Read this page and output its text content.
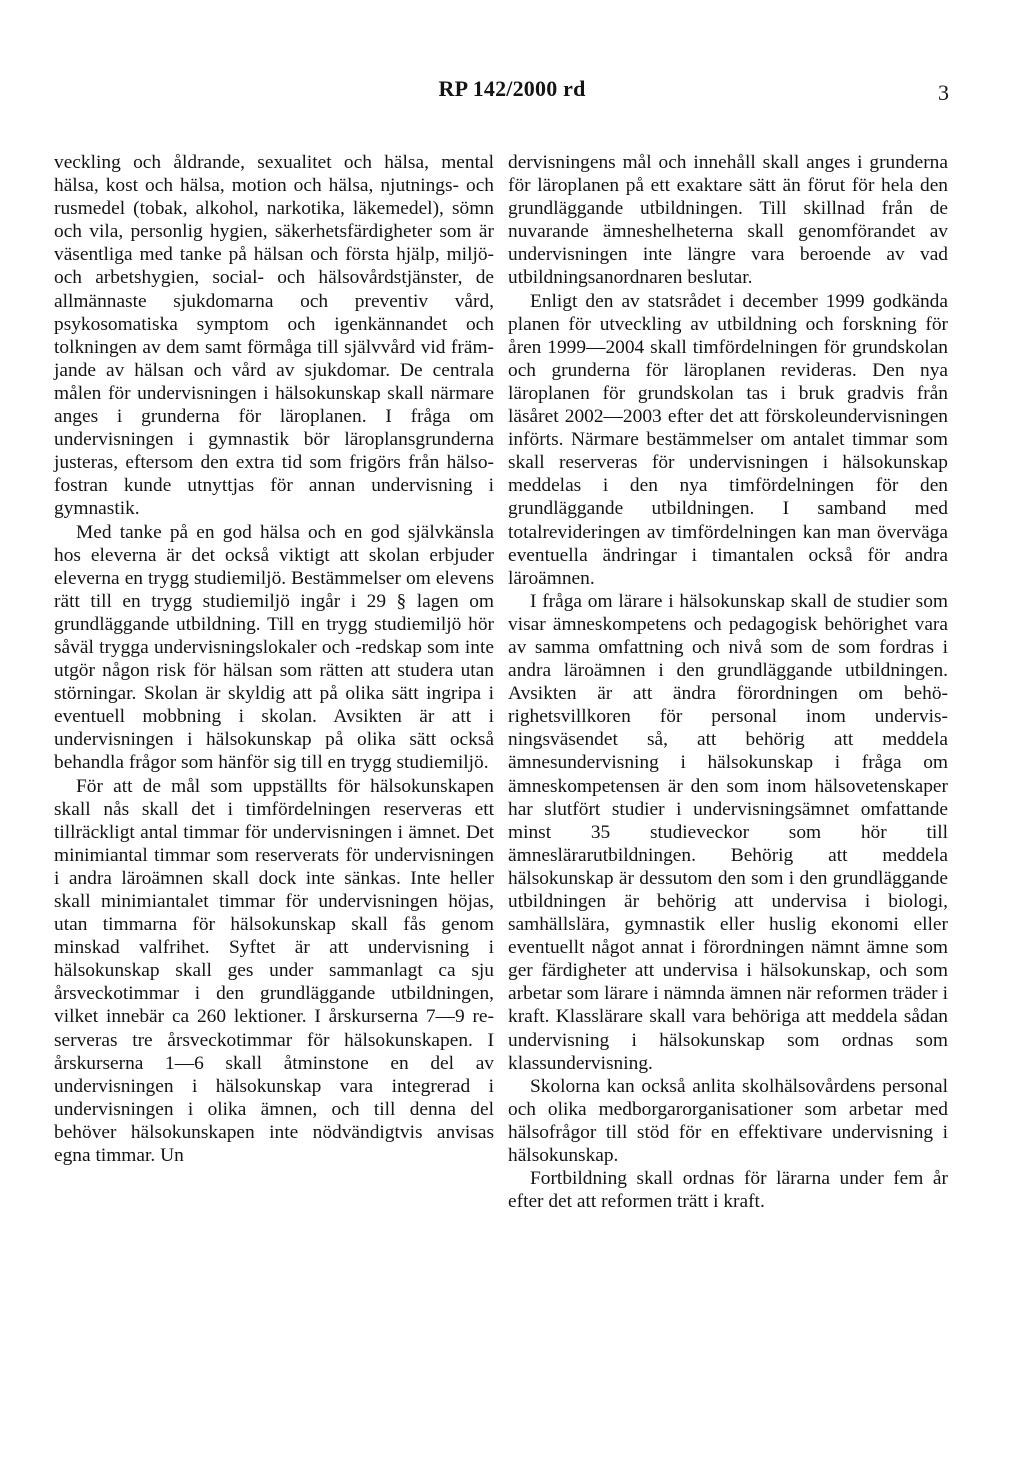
RP 142/2000 rd	3

veckling och åldrande, sexualitet och hälsa, mental hälsa, kost och hälsa, motion och hälsa, njutnings- och rusmedel (tobak, alkohol, narkotika, läkemedel), sömn och vila, personlig hygien, säkerhetsfärdigheter som är väsentliga med tanke på hälsan och första hjälp, miljö- och arbetshygien, social- och hälsovårdstjänster, de allmännaste sjukdomarna och preventiv vård, psykosomatiska symptom och igenkännandet och tolkningen av dem samt förmåga till självvård vid främjande av hälsan och vård av sjukdomar. De centrala målen för undervisningen i hälsokunskap skall närmare anges i grunderna för läroplanen. I fråga om undervisningen i gymnastik bör läroplansgrunderna justeras, eftersom den extra tid som frigörs från hälsofostran kunde utnyttjas för annan undervisning i gymnastik.

Med tanke på en god hälsa och en god självkänsla hos eleverna är det också viktigt att skolan erbjuder eleverna en trygg studiemiljö. Bestämmelser om elevens rätt till en trygg studiemiljö ingår i 29 § lagen om grundläggande utbildning. Till en trygg studiemiljö hör såväl trygga undervisningslokaler och -redskap som inte utgör någon risk för hälsan som rätten att studera utan störningar. Skolan är skyldig att på olika sätt ingripa i eventuell mobbning i skolan. Avsikten är att i undervisningen i hälsokunskap på olika sätt också behandla frågor som hänför sig till en trygg studiemiljö.

För att de mål som uppställts för hälsokunskapen skall nås skall det i timfördelningen reserveras ett tillräckligt antal timmar för undervisningen i ämnet. Det minimiantal timmar som reserverats för undervisningen i andra läroämnen skall dock inte sänkas. Inte heller skall minimiantalet timmar för undervisningen höjas, utan timmarna för hälsokunskap skall fås genom minskad valfrihet. Syftet är att undervisning i hälsokunskap skall ges under sammanlagt ca sju årsveckotimmar i den grundläggande utbildningen, vilket innebär ca 260 lektioner. I årskurserna 7—9 reserveras tre årsveckotimmar för hälsokunskapen. I årskurserna 1—6 skall åtminstone en del av undervisningen i hälsokunskap vara integrerad i undervisningen i olika ämnen, och till denna del behöver hälsokunskapen inte nödvändigtvis anvisas egna timmar. Un

dervisningens mål och innehåll skall anges i grunderna för läroplanen på ett exaktare sätt än förut för hela den grundläggande utbildningen. Till skillnad från de nuvarande ämneshelheterna skall genomförandet av undervisningen inte längre vara beroende av vad utbildningsanordnaren beslutar.

Enligt den av statsrådet i december 1999 godkända planen för utveckling av utbildning och forskning för åren 1999—2004 skall timfördelningen för grundskolan och grunderna för läroplanen revideras. Den nya läroplanen för grundskolan tas i bruk gradvis från läsåret 2002—2003 efter det att förskoleundervisningen införts. Närmare bestämmelser om antalet timmar som skall reserveras för undervisningen i hälsokunskap meddelas i den nya timfördelningen för den grundläggande utbildningen. I samband med totalrevideringen av timfördelningen kan man överväga eventuella ändringar i timantalen också för andra läroämnen.

I fråga om lärare i hälsokunskap skall de studier som visar ämneskompetens och pedagogisk behörighet vara av samma omfattning och nivå som de som fordras i andra läroämnen i den grundläggande utbildningen. Avsikten är att ändra förordningen om behörighetsvillkoren för personal inom undervisningsväsendet så, att behörig att meddela ämnesundervisning i hälsokunskap i fråga om ämneskompetensen är den som inom hälsovetenskaper har slutfört studier i undervisningsämnet omfattande minst 35 studieveckor som hör till ämneslärarutbildningen. Behörig att meddela hälsokunskap är dessutom den som i den grundläggande utbildningen är behörig att undervisa i biologi, samhällslära, gymnastik eller huslig ekonomi eller eventuellt något annat i förordningen nämnt ämne som ger färdigheter att undervisa i hälsokunskap, och som arbetar som lärare i nämnda ämnen när reformen träder i kraft. Klasslärare skall vara behöriga att meddela sådan undervisning i hälsokunskap som ordnas som klassundervisning.

Skolorna kan också anlita skolhälsovårdens personal och olika medborgarorganisationer som arbetar med hälsofrågor till stöd för en effektivare undervisning i hälsokunskap.

Fortbildning skall ordnas för lärarna under fem år efter det att reformen trätt i kraft.
